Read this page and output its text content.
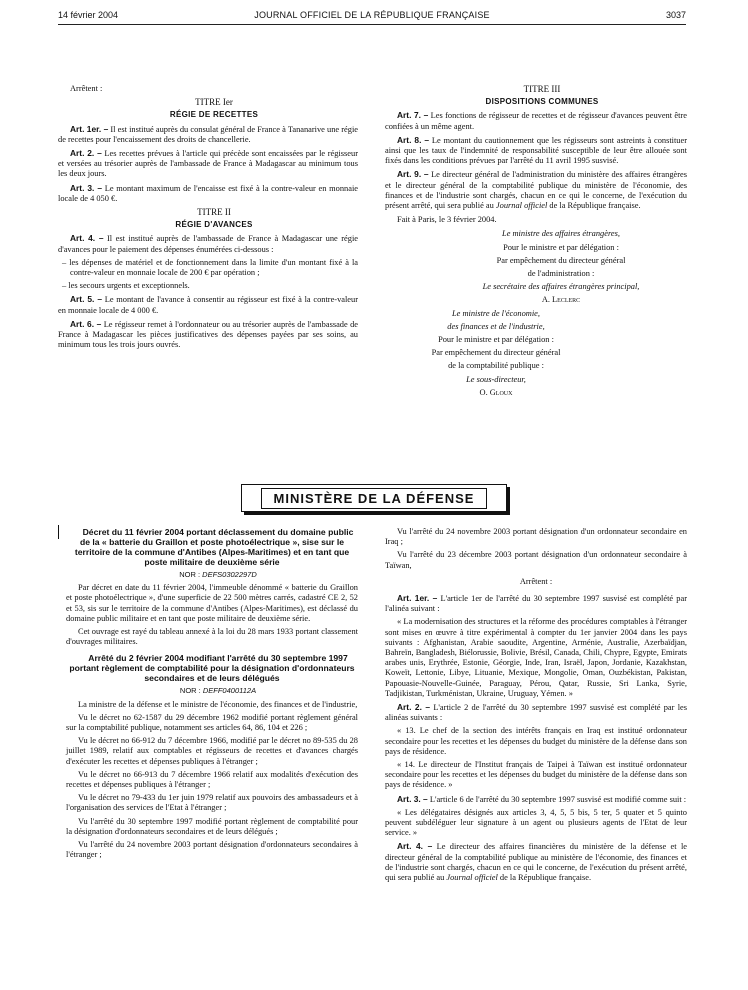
14 février 2004	JOURNAL OFFICIEL DE LA RÉPUBLIQUE FRANÇAISE	3037

Arrêtent :

TITRE Ier

RÉGIE DE RECETTES

Art. 1er. – Il est institué auprès du consulat général de France à Tananarive une régie de recettes pour l'encaissement des droits de chancellerie.

Art. 2. – Les recettes prévues à l'article qui précède sont encaissées par le régisseur et versées au trésorier auprès de l'ambassade de France à Madagascar au minimum tous les deux jours.

Art. 3. – Le montant maximum de l'encaisse est fixé à la contre-valeur en monnaie locale de 4 050 €.

TITRE II

RÉGIE D'AVANCES

Art. 4. – Il est institué auprès de l'ambassade de France à Madagascar une régie d'avances pour le paiement des dépenses énumérées ci-dessous :

– les dépenses de matériel et de fonctionnement dans la limite d'un montant fixé à la contre-valeur en monnaie locale de 200 € par opération ;

– les secours urgents et exceptionnels.

Art. 5. – Le montant de l'avance à consentir au régisseur est fixé à la contre-valeur en monnaie locale de 4 000 €.

Art. 6. – Le régisseur remet à l'ordonnateur ou au trésorier auprès de l'ambassade de France à Madagascar les pièces justificatives des dépenses payées par ses soins, au minimum tous les trois jours ouvrés.

TITRE III

DISPOSITIONS COMMUNES

Art. 7. – Les fonctions de régisseur de recettes et de régisseur d'avances peuvent être confiées à un même agent.

Art. 8. – Le montant du cautionnement que les régisseurs sont astreints à constituer ainsi que les taux de l'indemnité de responsabilité susceptible de leur être allouée sont fixés dans les conditions prévues par l'arrêté du 11 avril 1995 susvisé.

Art. 9. – Le directeur général de l'administration du ministère des affaires étrangères et le directeur général de la comptabilité publique du ministère de l'économie, des finances et de l'industrie sont chargés, chacun en ce qui le concerne, de l'exécution du présent arrêté, qui sera publié au Journal officiel de la République française.

Fait à Paris, le 3 février 2004.

Le ministre des affaires étrangères,

Pour le ministre et par délégation :

Par empêchement du directeur général

de l'administration :

Le secrétaire des affaires étrangères principal,

A. Leclerc

Le ministre de l'économie,

des finances et de l'industrie,

Pour le ministre et par délégation :

Par empêchement du directeur général

de la comptabilité publique :

Le sous-directeur,

O. Gloux

MINISTÈRE DE LA DÉFENSE

Décret du 11 février 2004 portant déclassement du domaine public de la « batterie du Graillon et poste photoélectrique », sise sur le territoire de la commune d'Antibes (Alpes-Maritimes) et en tant que poste militaire de deuxième série

NOR : DEFS0302297D

Par décret en date du 11 février 2004, l'immeuble dénommé « batterie du Graillon et poste photoélectrique », d'une superficie de 22 500 mètres carrés, cadastré CE 2, 52 et 53, sis sur le territoire de la commune d'Antibes (Alpes-Maritimes), est déclassé du domaine public militaire et en tant que poste militaire de deuxième série.

Cet ouvrage est rayé du tableau annexé à la loi du 28 mars 1933 portant classement d'ouvrages militaires.

Arrêté du 2 février 2004 modifiant l'arrêté du 30 septembre 1997 portant règlement de comptabilité pour la désignation d'ordonnateurs secondaires et de leurs délégués

NOR : DEFF0400112A

La ministre de la défense et le ministre de l'économie, des finances et de l'industrie,

Vu le décret no 62-1587 du 29 décembre 1962 modifié portant règlement général sur la comptabilité publique, notamment ses articles 64, 86, 104 et 226 ;

Vu le décret no 66-912 du 7 décembre 1966, modifié par le décret no 89-535 du 28 juillet 1989, relatif aux comptables et régisseurs de recettes et d'avances chargés d'exécuter les recettes et dépenses publiques à l'étranger ;

Vu le décret no 66-913 du 7 décembre 1966 relatif aux modalités d'exécution des recettes et dépenses publiques à l'étranger ;

Vu le décret no 79-433 du 1er juin 1979 relatif aux pouvoirs des ambassadeurs et à l'organisation des services de l'Etat à l'étranger ;

Vu l'arrêté du 30 septembre 1997 modifié portant règlement de comptabilité pour la désignation d'ordonnateurs secondaires et de leurs délégués ;

Vu l'arrêté du 24 novembre 2003 portant désignation d'ordonnateurs secondaires à l'étranger ;

Vu l'arrêté du 24 novembre 2003 portant désignation d'un ordonnateur secondaire en Iraq ;

Vu l'arrêté du 23 décembre 2003 portant désignation d'un ordonnateur secondaire à Taïwan,

Arrêtent :

Art. 1er. – L'article 1er de l'arrêté du 30 septembre 1997 susvisé est complété par l'alinéa suivant :

« La modernisation des structures et la réforme des procédures comptables à l'étranger sont mises en œuvre à titre expérimental à compter du 1er janvier 2004 dans les pays suivants : Afghanistan, Arabie saoudite, Argentine, Arménie, Australie, Azerbaïdjan, Bahreïn, Bangladesh, Biélorussie, Bolivie, Brésil, Canada, Chili, Chypre, Egypte, Emirats arabes unis, Erythrée, Estonie, Géorgie, Inde, Iran, Israël, Japon, Jordanie, Kazakhstan, Koweït, Lettonie, Libye, Lituanie, Mexique, Mongolie, Oman, Ouzbékistan, Pakistan, Papouasie-Nouvelle-Guinée, Paraguay, Pérou, Qatar, Russie, Sri Lanka, Syrie, Tadjikistan, Turkménistan, Ukraine, Uruguay, Yémen. »

Art. 2. – L'article 2 de l'arrêté du 30 septembre 1997 susvisé est complété par les alinéas suivants :

« 13. Le chef de la section des intérêts français en Iraq est institué ordonnateur secondaire pour les recettes et les dépenses du budget du ministère de la défense dans son pays de résidence.

« 14. Le directeur de l'Institut français de Taipei à Taïwan est institué ordonnateur secondaire pour les recettes et les dépenses du budget du ministère de la défense dans son pays de résidence. »

Art. 3. – L'article 6 de l'arrêté du 30 septembre 1997 susvisé est modifié comme suit :

« Les délégataires désignés aux articles 3, 4, 5, 5 bis, 5 ter, 5 quater et 5 quinto peuvent subdéléguer leur signature à un agent ou plusieurs agents de l'Etat de leur service. »

Art. 4. – Le directeur des affaires financières du ministère de la défense et le directeur général de la comptabilité publique au ministère de l'économie, des finances et de l'industrie sont chargés, chacun en ce qui le concerne, de l'exécution du présent arrêté, qui sera publié au Journal officiel de la République française.
